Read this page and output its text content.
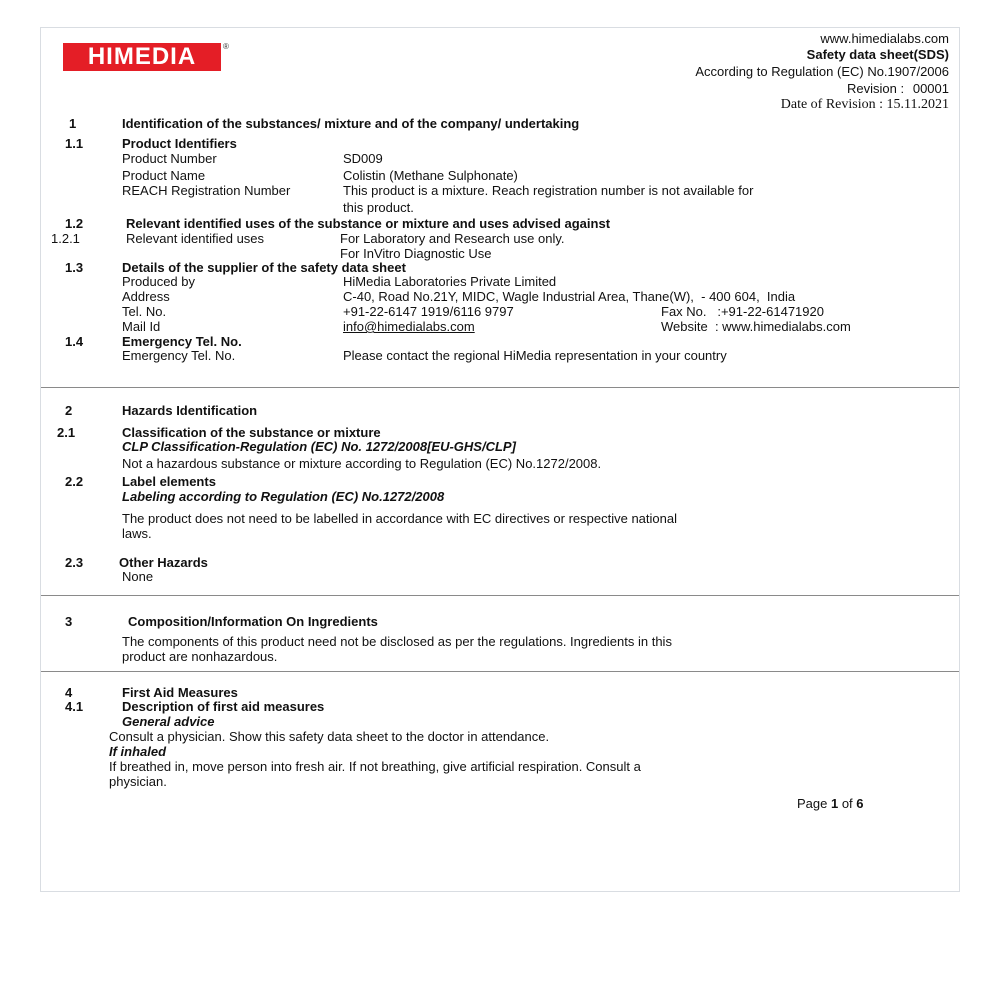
HIMEDIA	®
www.himedialabs.com
Safety data sheet(SDS)
According to Regulation (EC) No.1907/2006
Revision : 00001
Date of Revision : 15.11.2021
1	Identification of the substances/ mixture and of the company/ undertaking
1.1	Product Identifiers
Product Number	SD009
Product Name	Colistin (Methane Sulphonate)
REACH Registration Number	This product is a mixture. Reach registration number is not available for
this product.
1.2	Relevant identified uses of the substance or mixture and uses advised against
1.2.1	Relevant identified uses	For Laboratory and Research use only.
For InVitro Diagnostic Use
1.3	Details of the supplier of the safety data sheet
Produced by	HiMedia Laboratories Private Limited
Address	C-40, Road No.21Y, MIDC, Wagle Industrial Area, Thane(W),  - 400 604,  India
Tel. No.	+91-22-6147 1919/6116 9797	Fax No.   :+91-22-61471920
Mail Id	info@himedialabs.com	Website  : www.himedialabs.com
1.4	Emergency Tel. No.
Emergency Tel. No.	Please contact the regional HiMedia representation in your country
2	Hazards Identification
2.1	Classification of the substance or mixture
CLP Classification-Regulation (EC) No. 1272/2008[EU-GHS/CLP]
Not a hazardous substance or mixture according to Regulation (EC) No.1272/2008.
2.2	Label elements
Labeling according to Regulation (EC) No.1272/2008
The product does not need to be labelled in accordance with EC directives or respective national
laws.
2.3	Other Hazards
None
3	Composition/Information On Ingredients
The components of this product need not be disclosed as per the regulations. Ingredients in this
product are nonhazardous.
4	First Aid Measures
4.1	Description of first aid measures
General advice
Consult a physician. Show this safety data sheet to the doctor in attendance.
If inhaled
If breathed in, move person into fresh air. If not breathing, give artificial respiration. Consult a
physician.
Page 1 of 6
